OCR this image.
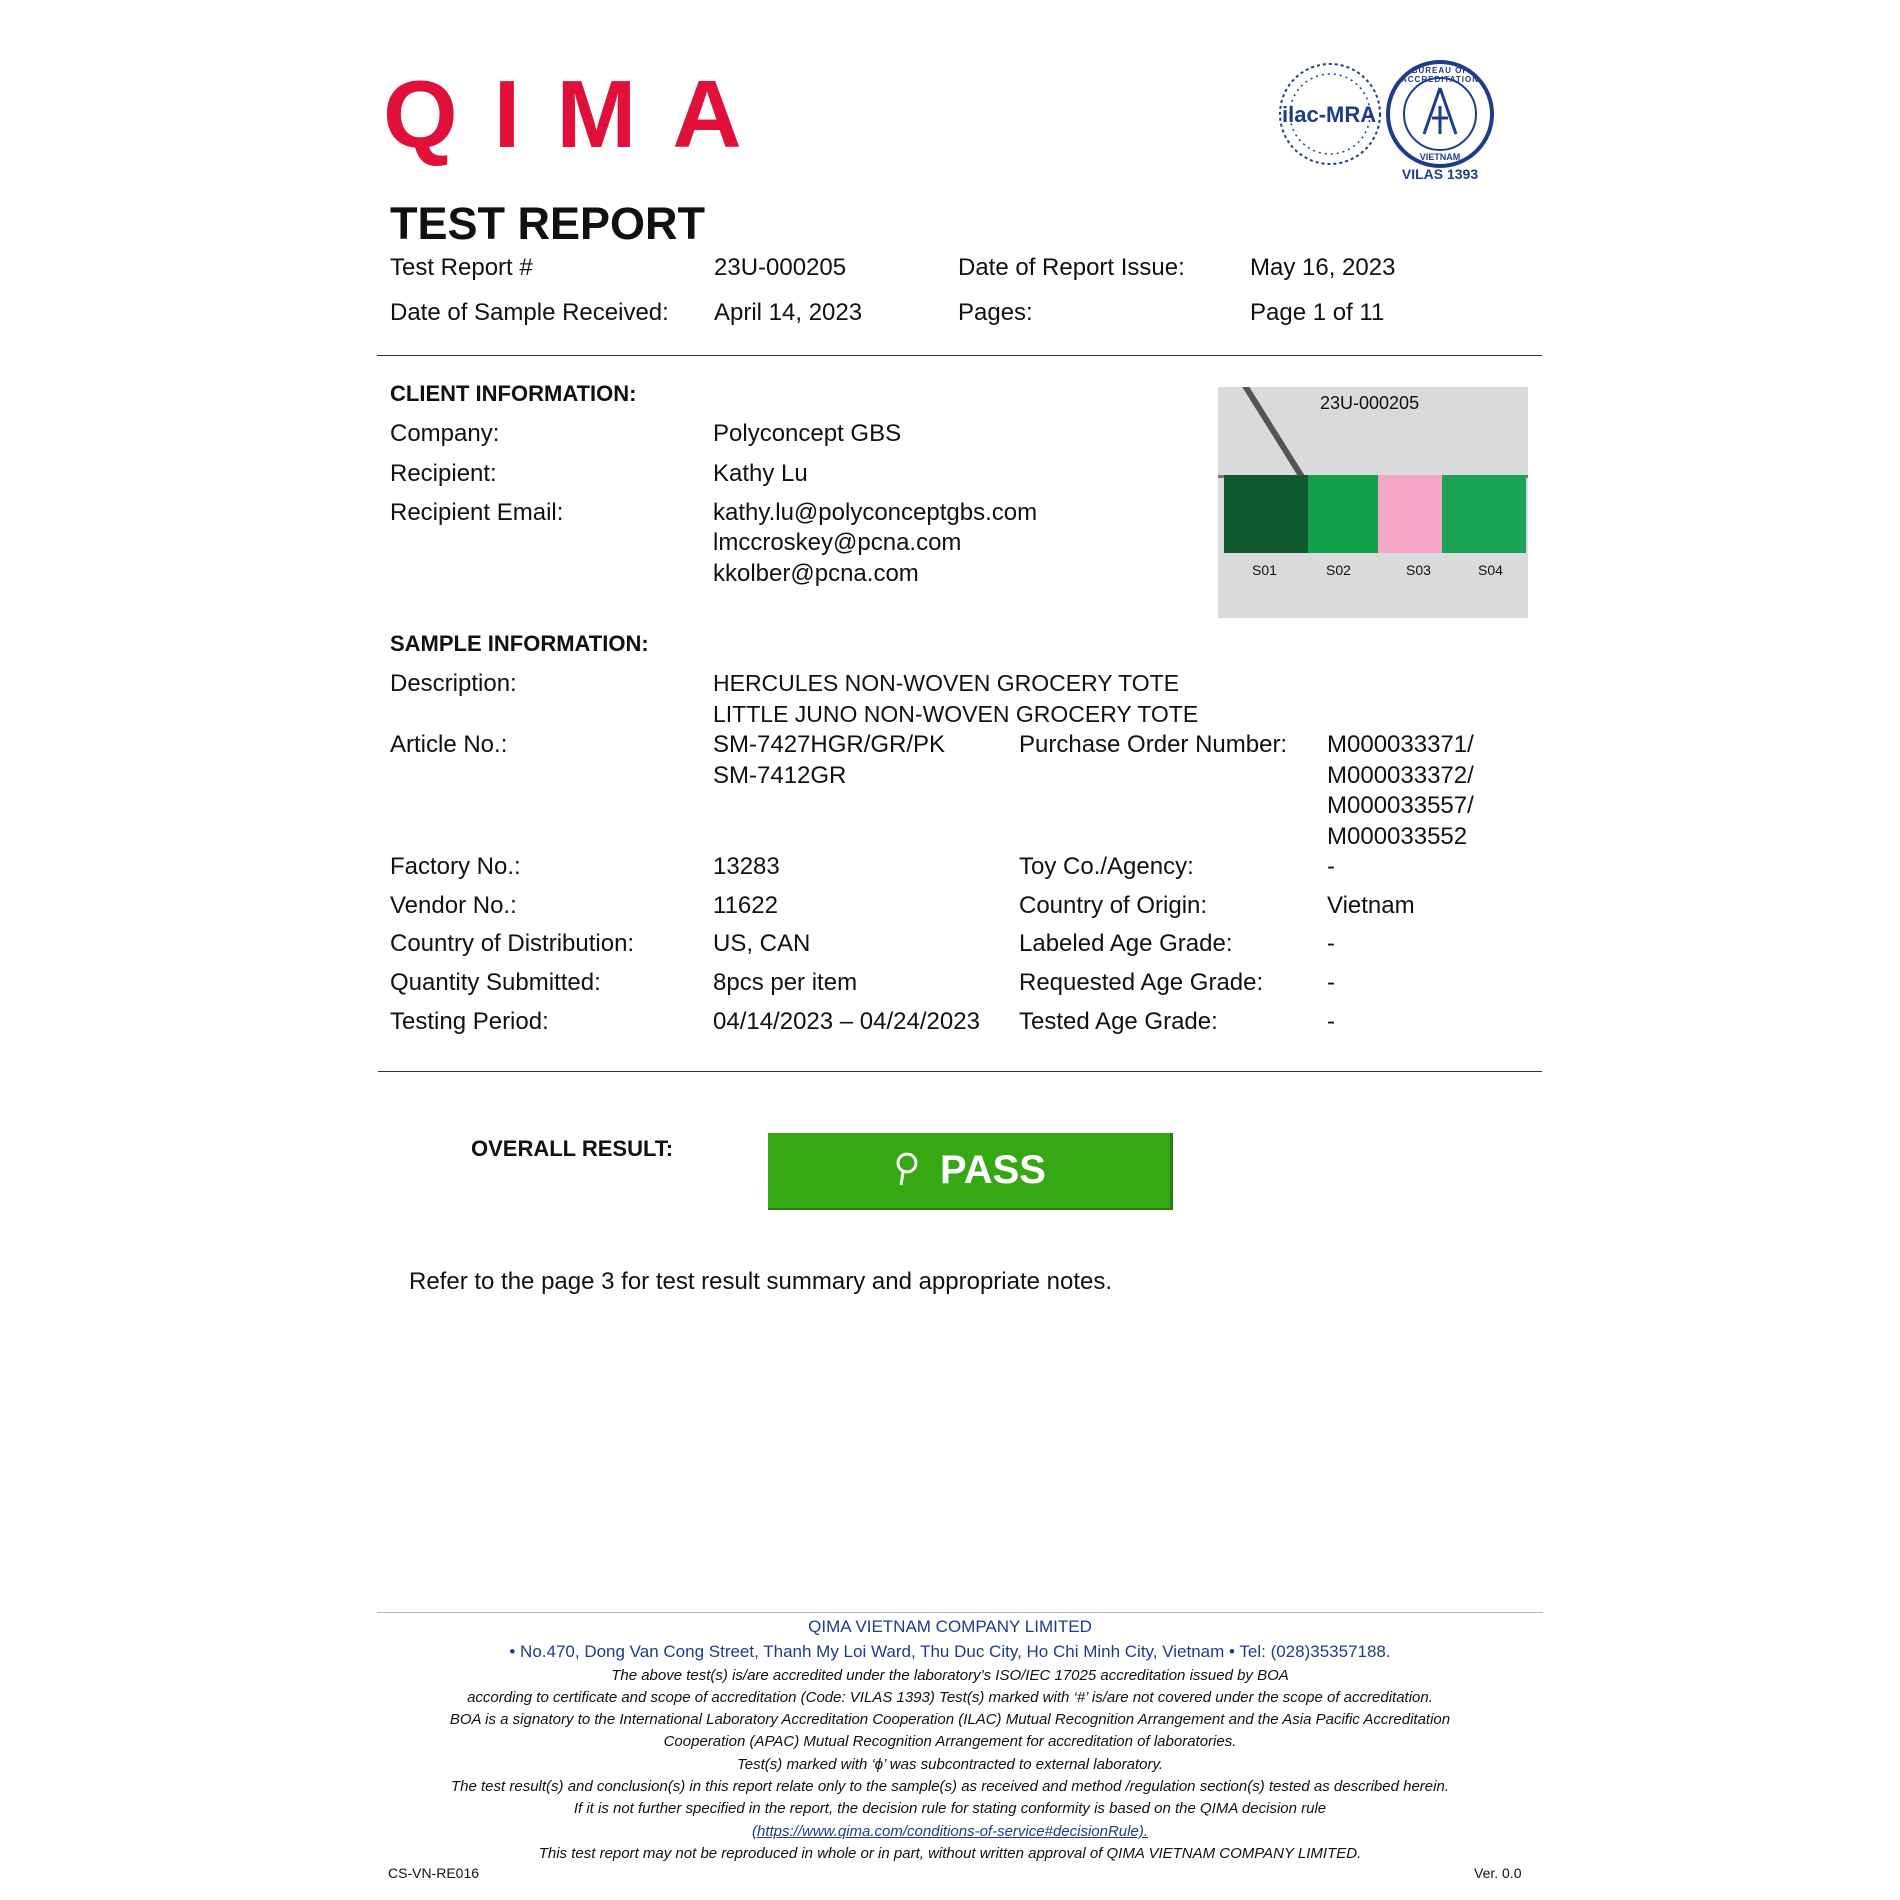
QIMA	ilac-MRA
BUREAU OF ACCREDITATION
VIETNAM
VILAS 1393
TEST REPORT
Test Report #	23U-000205	Date of Report Issue:	May 16, 2023
Date of Sample Received: April 14, 2023	Pages:	Page 1 of 11
CLIENT INFORMATION:
Company:	Polyconcept GBS
Recipient:	Kathy Lu
Recipient Email:	kathy.lu@polyconceptgbs.com
lmccroskey@pcna.com
kkolber@pcna.com
23U-000205
S01	S02	S03	S04
SAMPLE INFORMATION:
Description:	HERCULES NON-WOVEN GROCERY TOTE
LITTLE JUNO NON-WOVEN GROCERY TOTE
Article No.:	SM-7427HGR/GR/PK
SM-7412GR
Purchase Order Number: M000033371/
M000033372/
M000033557/
M000033552
Factory No.:	13283	Toy Co./Agency:	-
Vendor No.:	11622	Country of Origin:	Vietnam
Country of Distribution:	US, CAN	Labeled Age Grade:	-
Quantity Submitted:	8pcs per item	Requested Age Grade:	-
Testing Period:	04/14/2023 – 04/24/2023 Tested Age Grade:	-
OVERALL RESULT:	PASS
Refer to the page 3 for test result summary and appropriate notes.
QIMA VIETNAM COMPANY LIMITED
• No.470, Dong Van Cong Street, Thanh My Loi Ward, Thu Duc City, Ho Chi Minh City, Vietnam • Tel: (028)35357188.
The above test(s) is/are accredited under the laboratory’s ISO/IEC 17025 accreditation issued by BOA
according to certificate and scope of accreditation (Code: VILAS 1393) Test(s) marked with ‘#’ is/are not covered under the scope of accreditation.
BOA is a signatory to the International Laboratory Accreditation Cooperation (ILAC) Mutual Recognition Arrangement and the Asia Pacific Accreditation
Cooperation (APAC) Mutual Recognition Arrangement for accreditation of laboratories.
Test(s) marked with ‘ϕ’ was subcontracted to external laboratory.
The test result(s) and conclusion(s) in this report relate only to the sample(s) as received and method /regulation section(s) tested as described herein.
If it is not further specified in the report, the decision rule for stating conformity is based on the QIMA decision rule
(https://www.qima.com/conditions-of-service#decisionRule).
This test report may not be reproduced in whole or in part, without written approval of QIMA VIETNAM COMPANY LIMITED.
CS-VN-RE016	Ver. 0.0
